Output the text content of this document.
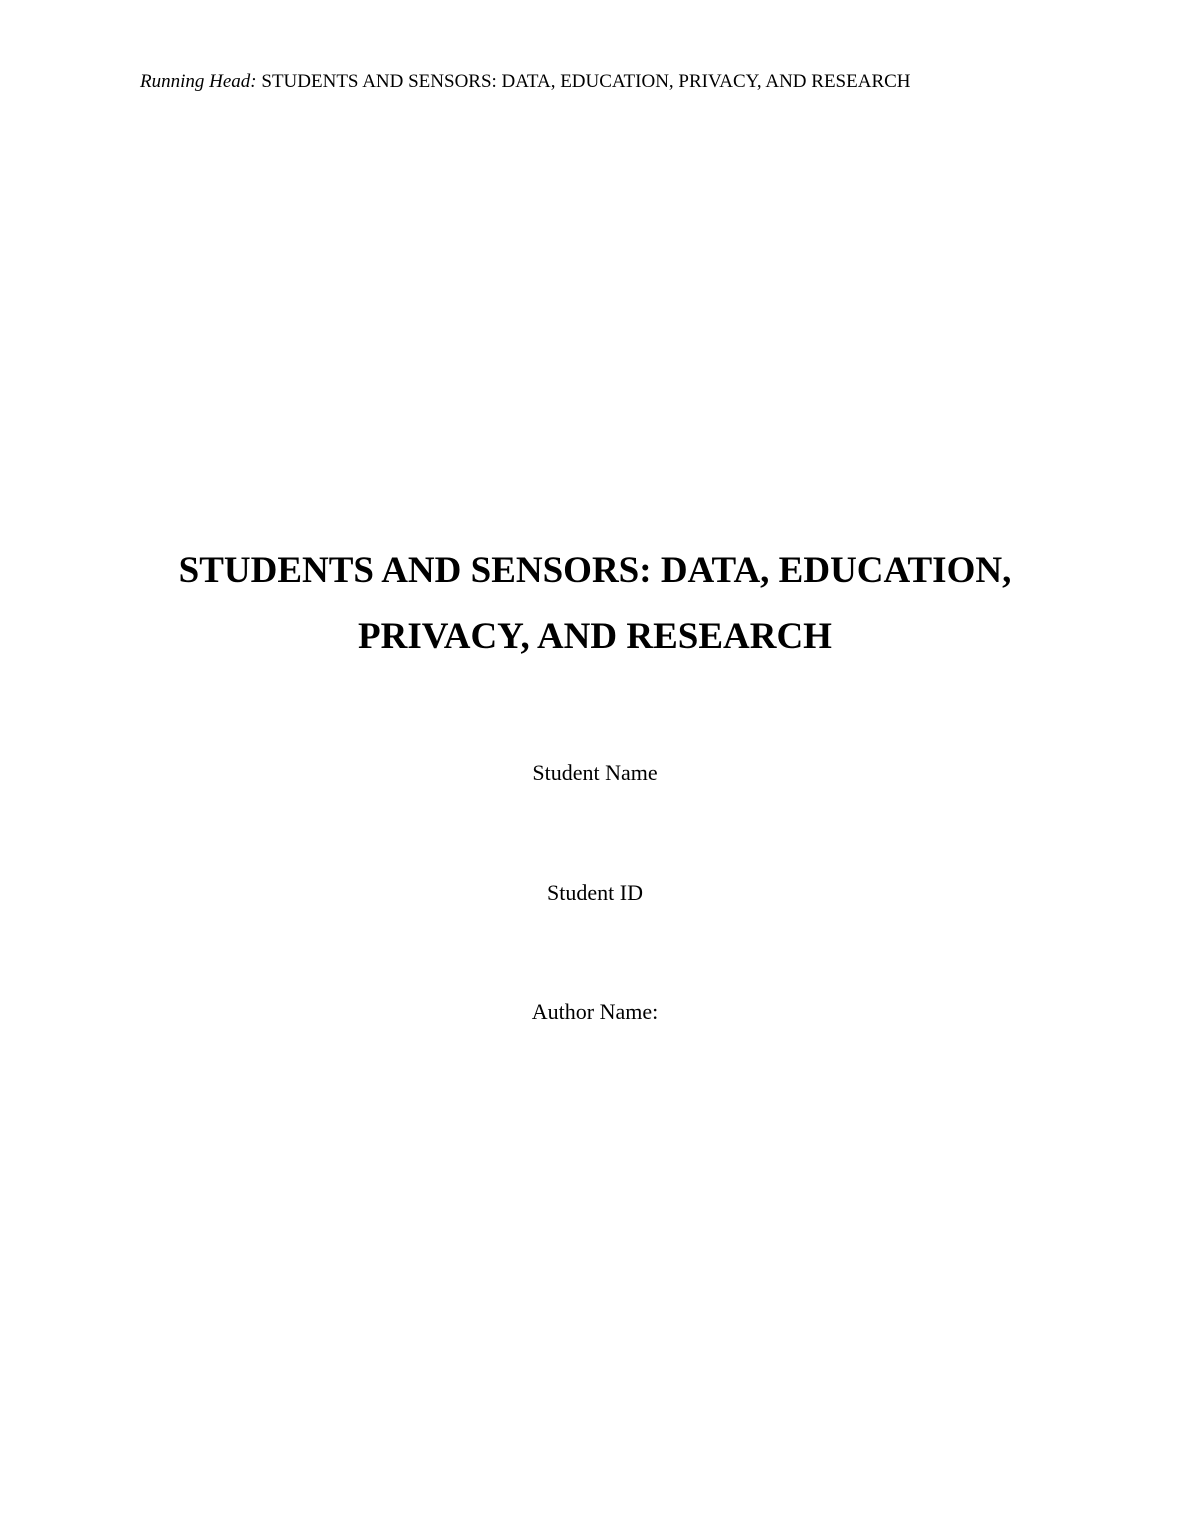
Running Head: STUDENTS AND SENSORS: DATA, EDUCATION, PRIVACY, AND RESEARCH
STUDENTS AND SENSORS: DATA, EDUCATION,
PRIVACY, AND RESEARCH
Student Name
Student ID
Author Name:
